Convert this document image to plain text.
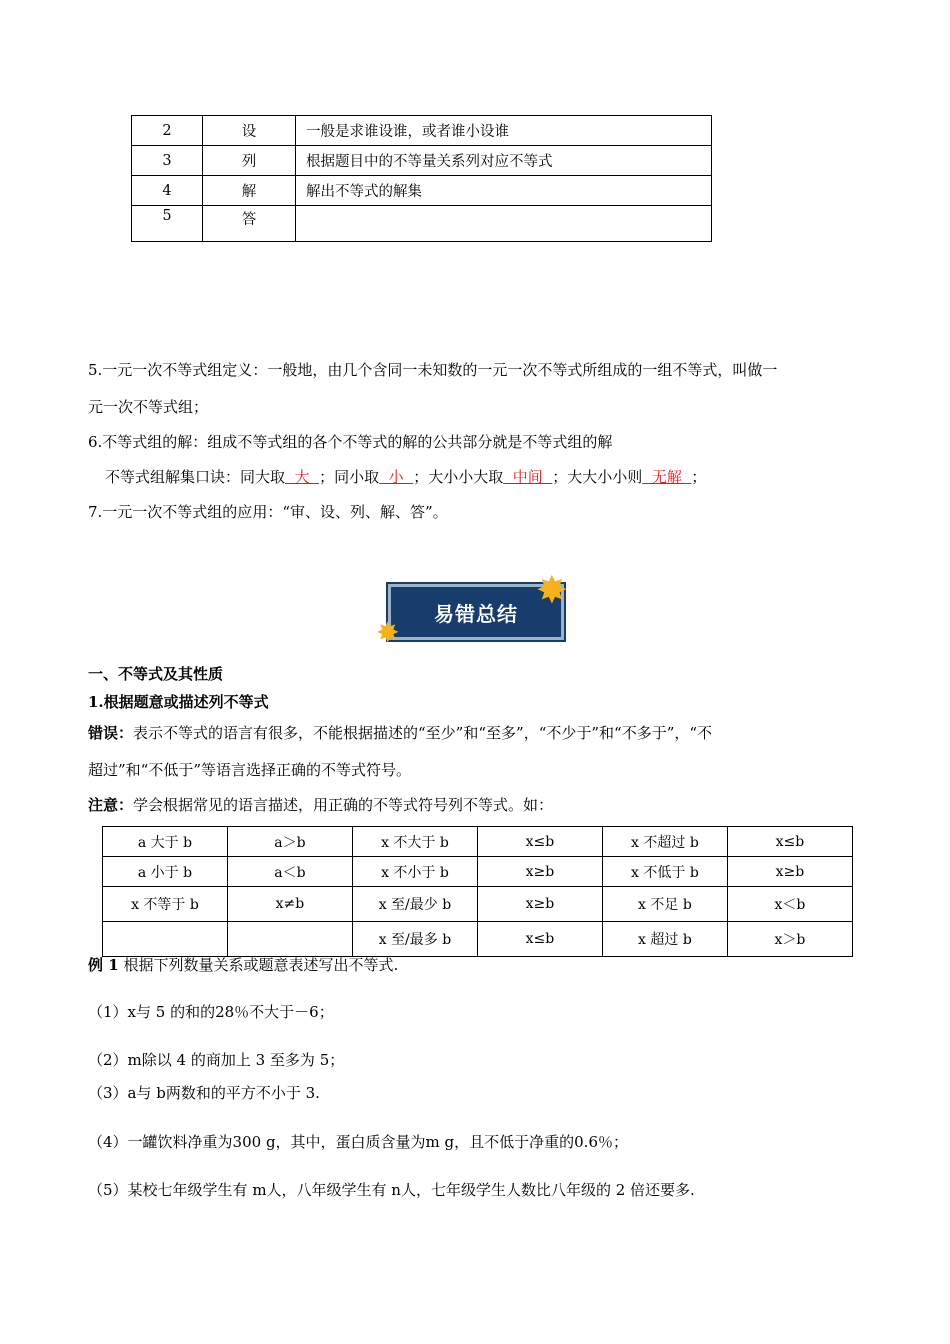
2	设	一般是求谁设谁，或者谁小设谁
3	列	根据题目中的不等量关系列对应不等式
4	解	解出不等式的解集
5	答	
5.一元一次不等式组定义：一般地，由几个含同一未知数的一元一次不等式所组成的一组不等式，叫做一
元一次不等式组；
6.不等式组的解：组成不等式组的各个不等式的解的公共部分就是不等式组的解
不等式组解集口诀：同大取  大  ；同小取  小  ；大小小大取  中间  ；大大小小则  无解  ；
7.一元一次不等式组的应用：“审、设、列、解、答”。
易错总结
✸
✸
一、不等式及其性质
1.根据题意或描述列不等式
错误：表示不等式的语言有很多，不能根据描述的“至少”和“至多”，“不少于”和“不多于”，“不
超过”和“不低于”等语言选择正确的不等式符号。
注意：学会根据常见的语言描述，用正确的不等式符号列不等式。如：
a 大于 b	a＞b	x 不大于 b	x≤b	x 不超过 b	x≤b
a 小于 b	a＜b	x 不小于 b	x≥b	x 不低于 b	x≥b
x 不等于 b	x≠b	x 至/最少 b	x≥b	x 不足 b	x＜b
		x 至/最多 b	x≤b	x 超过 b	x＞b
例 1 根据下列数量关系或题意表述写出不等式.
（1）x与 5 的和的28％不大于－6；
（2）m除以 4 的商加上 3 至多为 5；
（3）a与 b两数和的平方不小于 3.
（4）一罐饮料净重为300 g，其中，蛋白质含量为m g，且不低于净重的0.6％；
（5）某校七年级学生有 m人，八年级学生有 n人，七年级学生人数比八年级的 2 倍还要多.
